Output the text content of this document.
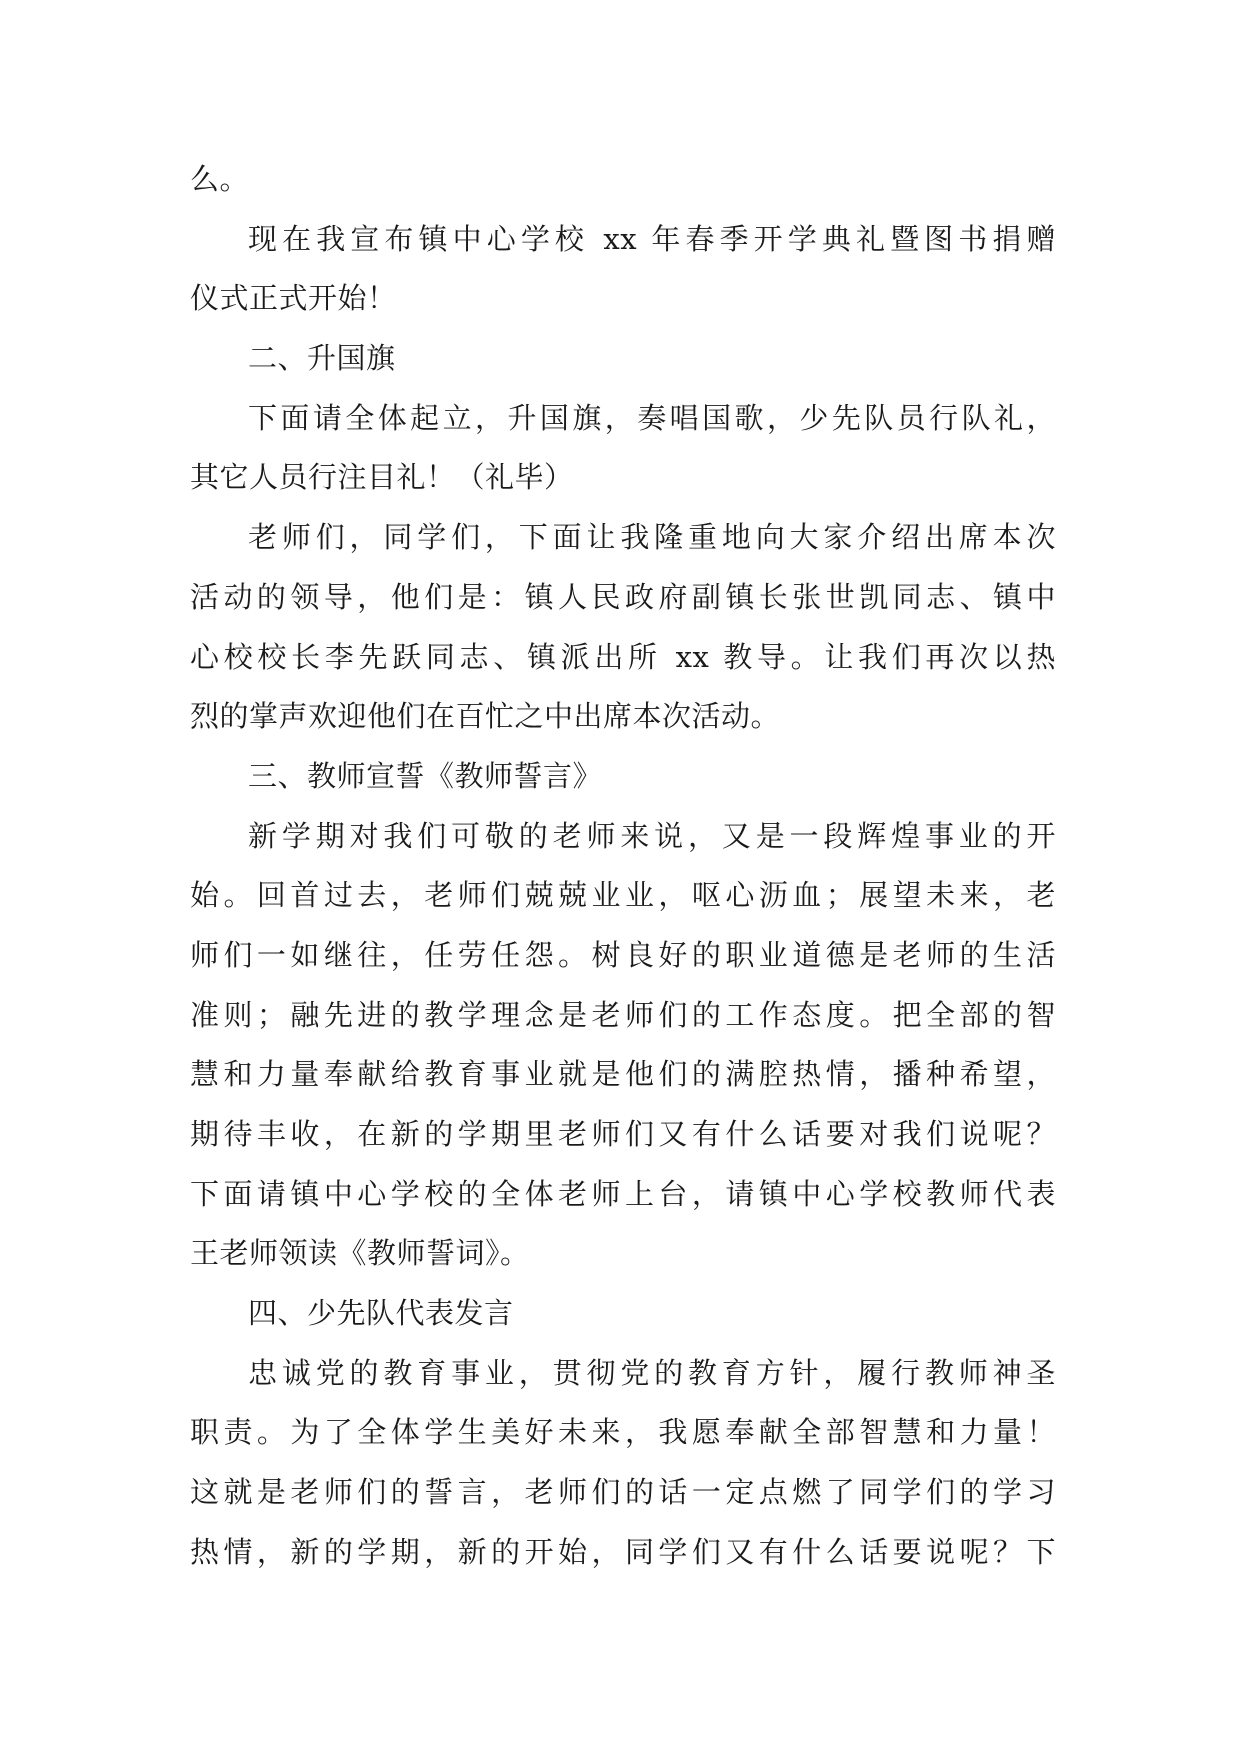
么。
现在我宣布镇中心学校 xx 年春季开学典礼暨图书捐赠
仪式正式开始！
二、升国旗
下面请全体起立，升国旗，奏唱国歌，少先队员行队礼，
其它人员行注目礼！（礼毕）
老师们，同学们，下面让我隆重地向大家介绍出席本次
活动的领导，他们是：镇人民政府副镇长张世凯同志、镇中
心校校长李先跃同志、镇派出所 xx 教导。让我们再次以热
烈的掌声欢迎他们在百忙之中出席本次活动。
三、教师宣誓《教师誓言》
新学期对我们可敬的老师来说，又是一段辉煌事业的开
始。回首过去，老师们兢兢业业，呕心沥血；展望未来，老
师们一如继往，任劳任怨。树良好的职业道德是老师的生活
准则；融先进的教学理念是老师们的工作态度。把全部的智
慧和力量奉献给教育事业就是他们的满腔热情，播种希望，
期待丰收，在新的学期里老师们又有什么话要对我们说呢？
下面请镇中心学校的全体老师上台，请镇中心学校教师代表
王老师领读《教师誓词》。
四、少先队代表发言
忠诚党的教育事业，贯彻党的教育方针，履行教师神圣
职责。为了全体学生美好未来，我愿奉献全部智慧和力量！
这就是老师们的誓言，老师们的话一定点燃了同学们的学习
热情，新的学期，新的开始，同学们又有什么话要说呢？下
